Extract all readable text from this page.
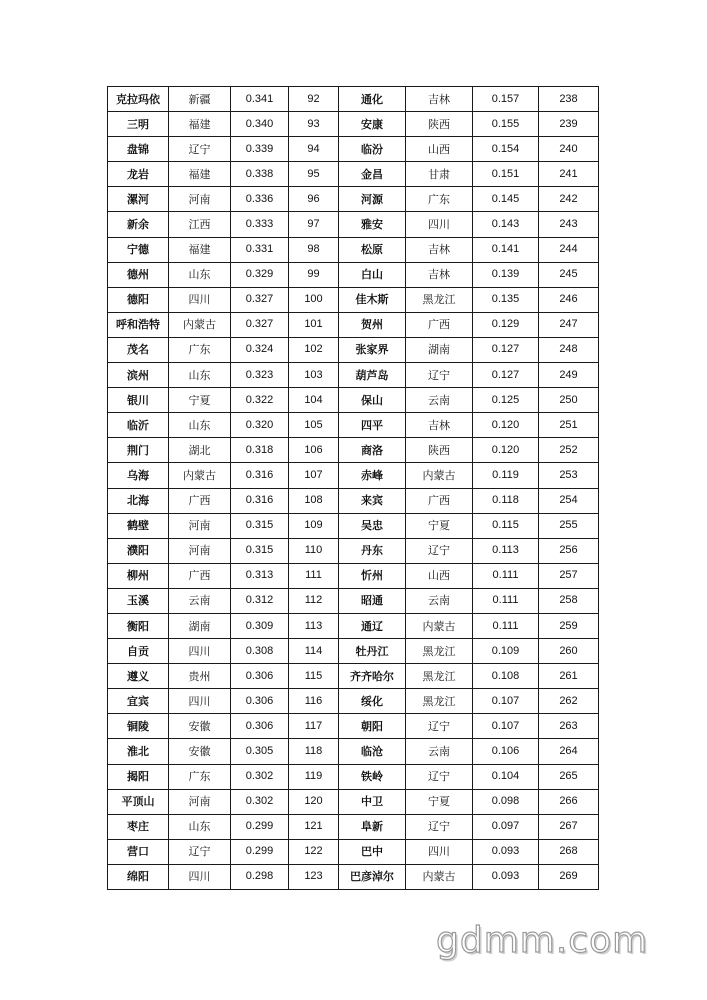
克拉玛依	新疆	0.341	92	通化	吉林	0.157	238
三明	福建	0.340	93	安康	陕西	0.155	239
盘锦	辽宁	0.339	94	临汾	山西	0.154	240
龙岩	福建	0.338	95	金昌	甘肃	0.151	241
漯河	河南	0.336	96	河源	广东	0.145	242
新余	江西	0.333	97	雅安	四川	0.143	243
宁德	福建	0.331	98	松原	吉林	0.141	244
德州	山东	0.329	99	白山	吉林	0.139	245
德阳	四川	0.327	100	佳木斯	黑龙江	0.135	246
呼和浩特	内蒙古	0.327	101	贺州	广西	0.129	247
茂名	广东	0.324	102	张家界	湖南	0.127	248
滨州	山东	0.323	103	葫芦岛	辽宁	0.127	249
银川	宁夏	0.322	104	保山	云南	0.125	250
临沂	山东	0.320	105	四平	吉林	0.120	251
荆门	湖北	0.318	106	商洛	陕西	0.120	252
乌海	内蒙古	0.316	107	赤峰	内蒙古	0.119	253
北海	广西	0.316	108	来宾	广西	0.118	254
鹤壁	河南	0.315	109	吴忠	宁夏	0.115	255
濮阳	河南	0.315	110	丹东	辽宁	0.113	256
柳州	广西	0.313	111	忻州	山西	0.111	257
玉溪	云南	0.312	112	昭通	云南	0.111	258
衡阳	湖南	0.309	113	通辽	内蒙古	0.111	259
自贡	四川	0.308	114	牡丹江	黑龙江	0.109	260
遵义	贵州	0.306	115	齐齐哈尔	黑龙江	0.108	261
宜宾	四川	0.306	116	绥化	黑龙江	0.107	262
铜陵	安徽	0.306	117	朝阳	辽宁	0.107	263
淮北	安徽	0.305	118	临沧	云南	0.106	264
揭阳	广东	0.302	119	铁岭	辽宁	0.104	265
平顶山	河南	0.302	120	中卫	宁夏	0.098	266
枣庄	山东	0.299	121	阜新	辽宁	0.097	267
营口	辽宁	0.299	122	巴中	四川	0.093	268
绵阳	四川	0.298	123	巴彦淖尔	内蒙古	0.093	269
gdmm.com
